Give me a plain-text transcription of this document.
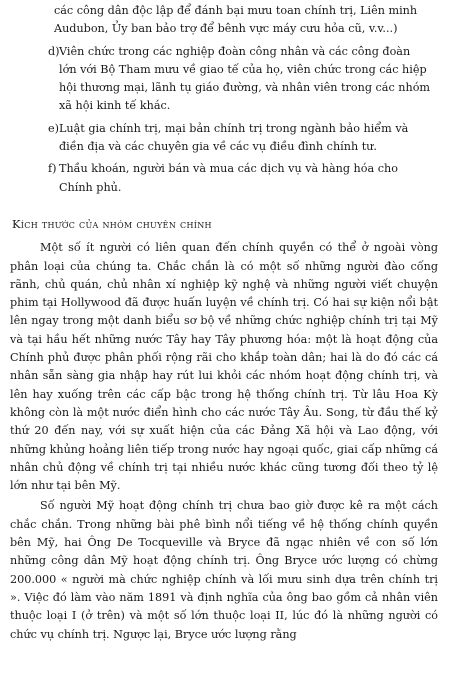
các công dân độc lập để đánh bại mưu toan chính trị, Liên minh
Audubon, Ủy ban bảo trợ để bênh vực máy cưu hỏa cũ, v.v...)
d) Viên chức trong các nghiệp đoàn công nhân và các công đoàn
lớn với Bộ Tham mưu về giao tế của họ, viên chức trong các hiệp
hội thương mại, lãnh tụ giáo đường, và nhân viên trong các nhóm
xã hội kinh tế khác.
e) Luật gia chính trị, mại bản chính trị trong ngành bảo hiểm và
điền địa và các chuyên gia về các vụ điều đình chính tư.
f) Thầu khoán, người bán và mua các dịch vụ và hàng hóa cho
Chính phủ.
Kích thước của nhóm chuyên chính

Một số ít người có liên quan đến chính quyền có thể ở ngoài vòng phân loại của chúng ta. Chắc chắn là có một số những người đào cống rãnh, chủ quán, chủ nhân xí nghiệp kỹ nghệ và những người viết chuyện phim tại Hollywood đã được huấn luyện về chính trị. Có hai sự kiện nổi bật lên ngay trong một danh biểu sơ bộ về những chức nghiệp chính trị tại Mỹ và tại hầu hết những nước Tây hay Tây phương hóa: một là hoạt động của Chính phủ được phân phối rộng rãi cho khắp toàn dân; hai là do đó các cá nhân sẵn sàng gia nhập hay rút lui khỏi các nhóm hoạt động chính trị, và lên hay xuống trên các cấp bậc trong hệ thống chính trị. Từ lâu Hoa Kỳ không còn là một nước điển hình cho các nước Tây Âu. Song, từ đầu thế kỷ thứ 20 đến nay, với sự xuất hiện của các Đảng Xã hội và Lao động, với những khủng hoảng liên tiếp trong nước hay ngoại quốc, giai cấp những cá nhân chủ động về chính trị tại nhiều nước khác cũng tương đối theo tỷ lệ lớn như tại bên Mỹ.

Số người Mỹ hoạt động chính trị chưa bao giờ được kê ra một cách chắc chắn. Trong những bài phê bình nổi tiếng về hệ thống chính quyền bên Mỹ, hai Ông De Tocqueville và Bryce đã ngạc nhiên về con số lớn những công dân Mỹ hoạt động chính trị. Ông Bryce ước lượng có chừng 200.000 « người mà chức nghiệp chính và lối mưu sinh dựa trên chính trị ». Việc đó làm vào năm 1891 và định nghĩa của ông bao gồm cả nhân viên thuộc loại I (ở trên) và một số lớn thuộc loại II, lúc đó là những người có chức vụ chính trị. Ngược lại, Bryce ước lượng rằng
